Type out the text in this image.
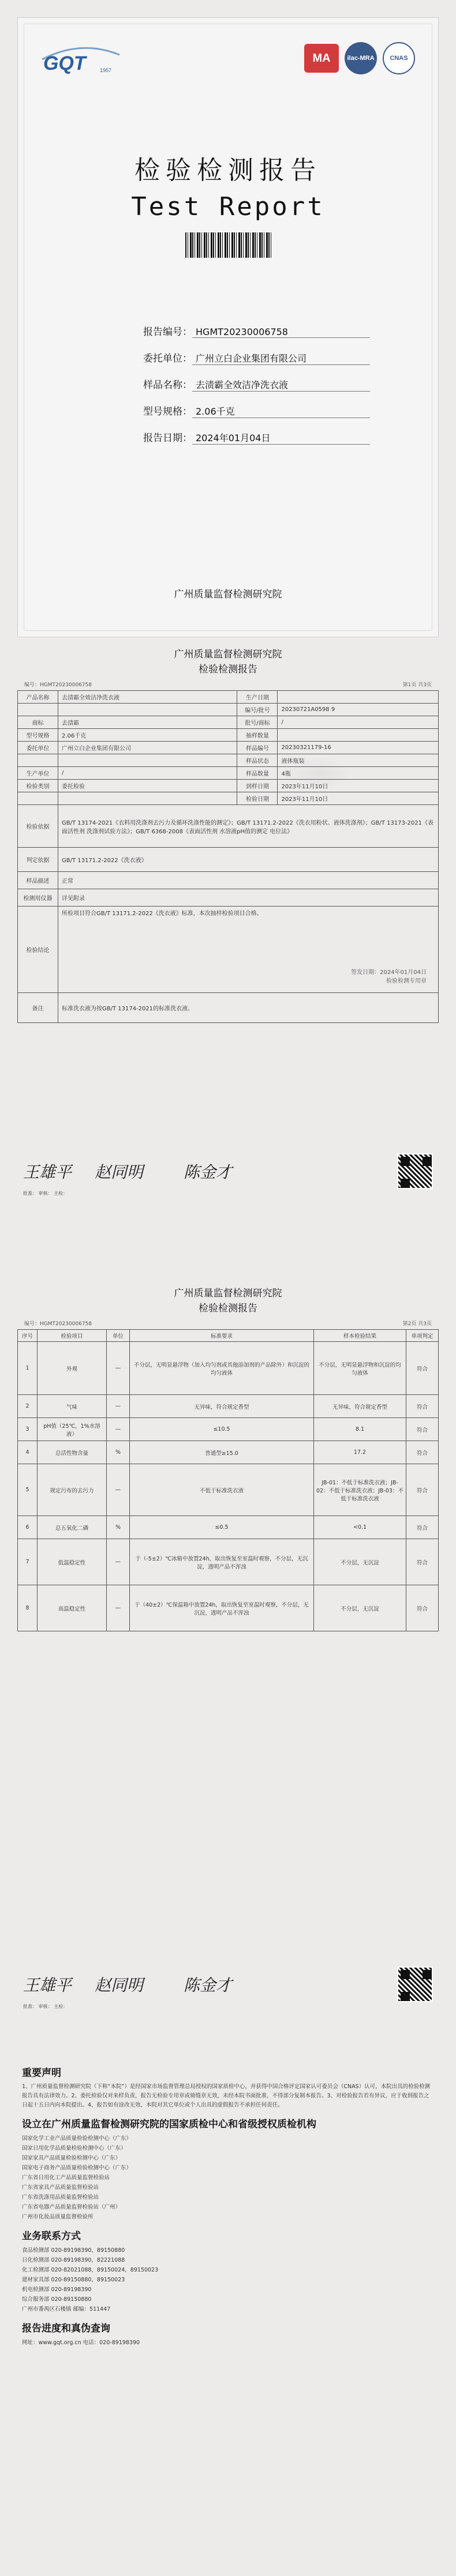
GQT	1957
MA	ilac-MRA	CNAS
检验检测报告
Test Report
报告编号： HGMT20230006758
委托单位： 广州立白企业集团有限公司
样品名称： 去渍霸全效洁净洗衣液
型号规格： 2.06千克
报告日期： 2024年01月04日
广州质量监督检测研究院
广州质量监督检测研究院
检验检测报告
编号：HGMT20230006758	第1页 共3页
产品名称	去渍霸全效洁净洗衣液	生产日期	
		编号/批号	20230721A0598 9
商标	去渍霸	批号/商标	/
型号规格	2.06千克	抽样数量	
委托单位	广州立白企业集团有限公司	样品编号	20230321179-16
		样品状态	液体瓶装
生产单位	/	样品数量	4瓶
检验类别	委托检验	到样日期	2023年11月10日
		检验日期	2023年11月10日
检验依据	GB/T 13174-2021《衣料用洗涤剂去污力及循环洗涤性能的测定》；GB/T 13171.2-2022《洗衣用粉状、液体洗涤剂》；GB/T 13173-2021《表面活性剂 洗涤剂试验方法》；GB/T 6368-2008《表面活性剂 水溶液pH值的测定 电位法》		
判定依据	GB/T 13171.2-2022《洗衣液》		
样品描述	正常		
检测用仪器	详见附录		
检验结论	所检项目符合GB/T 13171.2-2022《洗衣液》标准，本次抽样检验项目合格。
签发日期：2024年01月04日
检验检测专用章		

备注	标准洗衣液为按GB/T 13174-2021的标准洗衣液。		
王雄平 赵同明	陈金才
批准： 审核： 主检：
广州质量监督检测研究院
检验检测报告
编号：HGMT20230006758	第2页 共3页
序号	检验项目	单位	标准要求	样本检验结果	单项判定
1	外观	—	不分层，无明显悬浮物（加入均匀剂或其他添加剂的产品除外）和沉淀的均匀液体	不分层，无明显悬浮物和沉淀的均匀液体	符合
2	气味	—	无异味，符合规定香型	无异味，符合规定香型	符合
3	pH值（25℃，1%水溶液）	—	≤10.5	8.1	符合
4	总活性物含量	%	普通型≥15.0	17.2	符合
5	规定污布的去污力	—	不低于标准洗衣液	JB-01：不低于标准洗衣液；JB-02：不低于标准洗衣液；JB-03：不低于标准洗衣液	符合
6	总五氧化二磷	%	≤0.5	<0.1	符合
7	低温稳定性	—	于（-5±2）℃冰箱中放置24h，取出恢复至室温时观察，不分层，无沉淀，透明产品不浑浊	不分层，无沉淀	符合
8	高温稳定性	—	于（40±2）℃保温箱中放置24h，取出恢复至室温时观察，不分层，无沉淀，透明产品不浑浊	不分层，无沉淀	符合
王雄平 赵同明	陈金才
批准： 审核： 主检：
重要声明

1、广州质量监督检测研究院（下称“本院”）是经国家市场监督管理总局授权的国家质检中心，并获得中国合格评定国家认可委员会（CNAS）认可，本院出具的检验检测报告具有法律效力。2、委托检验仅对来样负责，报告无检验专用章或骑缝章无效，未经本院书面批准，不得部分复制本报告。3、对检验报告若有异议，应于收到报告之日起十五日内向本院提出。4、报告如有涂改无效，本院对其它单位或个人出具的虚假报告不承担任何责任。

设立在广州质量监督检测研究院的国家质检中心和省级授权质检机构
国家化学工业产品质量检验检测中心（广东）
国家日用化学品质量检验检测中心（广东）
国家家具产品质量检验检测中心（广东）
国家电子商务产品质量检验检测中心（广东）
广东省日用化工产品质量监督检验站
广东省家具产品质量监督检验站
广东省洗涤用品质量监督检验站
广东省电器产品质量监督检验站（广州）
广州市化妆品质量监督检验所
业务联系方式
食品检测部 020-89198390，89150880
日化检测部 020-89198390，82221088
化工检测部 020-82021088，89150024，89150023
建材家具部 020-89150880，89150023
机电检测部 020-89198390
综合服务部 020-89150880
广州市番禺区石楼镇 邮编：511447
报告进度和真伪查询
网址：www.gqt.org.cn 电话：020-89198390
